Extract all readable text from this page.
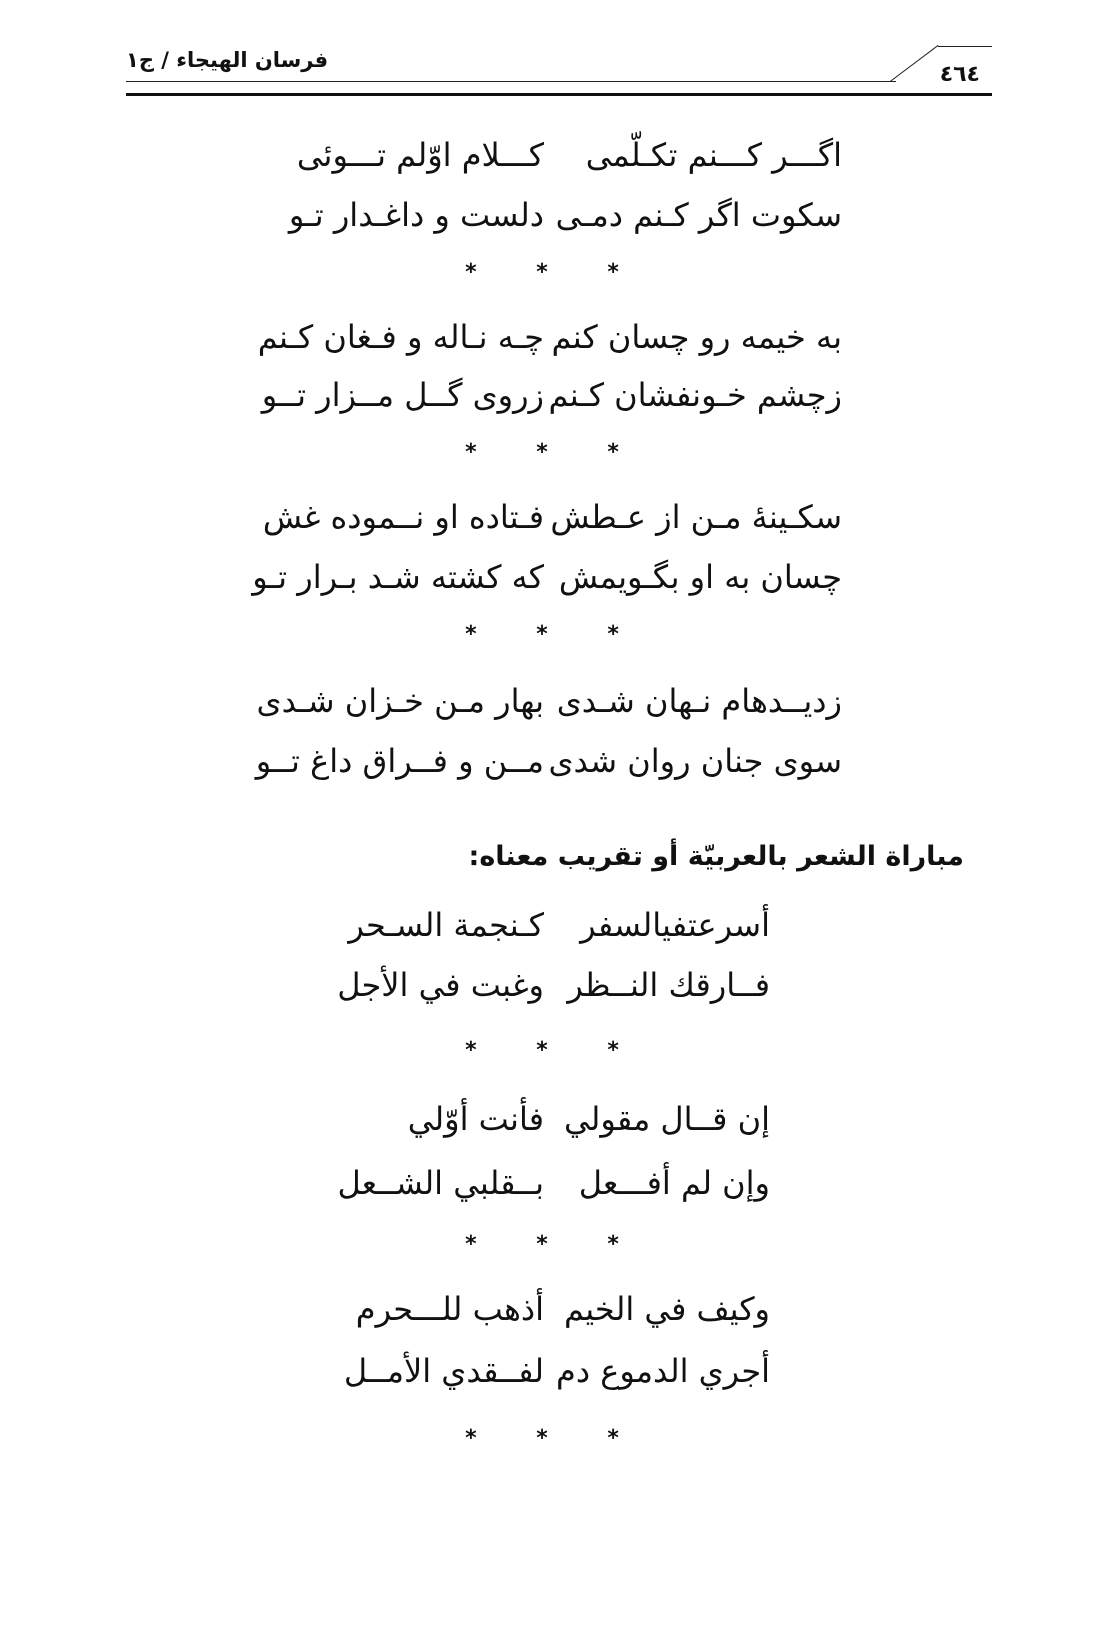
فرسان الهيجاء / ج۱
٤٦٤
اگـــر كـــنم تكـلّمى
كـــلام اوّلم تـــوئى
سكوت اگر كـنم دمـى
دلست و داغـدار تـو
* * *
به خيمه رو چسان كنم
چـه نـاله و فـغان كـنم
زچشم خـونفشان كـنم
زروى گــل مــزار تــو
* * *
سكـينۀ مـن از عـطش
فـتاده او نــموده غش
چسان به او بگـويمش
كه كشته شـد بـرار تـو
* * *
زديــدهام نـهان شـدى
بهار مـن خـزان شـدى
سوى جنان روان شدى
مــن و فــراق داغ تــو
مباراة الشعر بالعربيّة أو تقريب معناه:
أسرعتفيالسفر
كـنجمة السـحر
فــارقك النــظر
وغبت في الأجل
* * *
إن قــال مقولي
فأنت أوّلي
وإن لم أفـــعل
بــقلبي الشــعل
* * *
وكيف في الخيم
أذهب للـــحرم
أجري الدموع دم
لفــقدي الأمــل
* * *
